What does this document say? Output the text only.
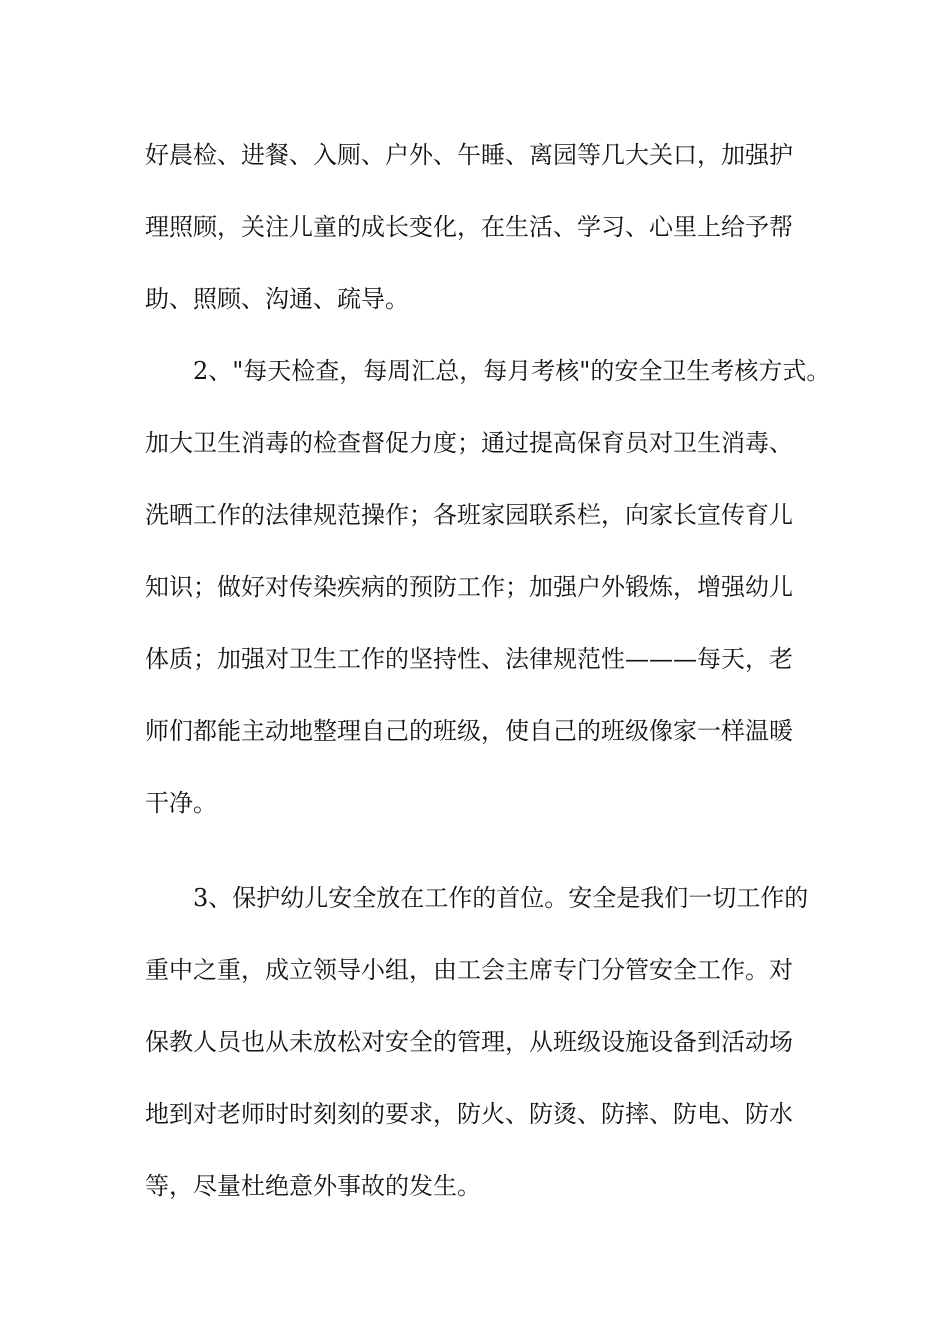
好晨检、进餐、入厕、户外、午睡、离园等几大关口，加强护
理照顾，关注儿童的成长变化，在生活、学习、心里上给予帮
助、照顾、沟通、疏导。
2、"每天检查，每周汇总，每月考核"的安全卫生考核方式。
加大卫生消毒的检查督促力度；通过提高保育员对卫生消毒、
洗晒工作的法律规范操作；各班家园联系栏，向家长宣传育儿
知识；做好对传染疾病的预防工作；加强户外锻炼，增强幼儿
体质；加强对卫生工作的坚持性、法律规范性———每天，老
师们都能主动地整理自己的班级，使自己的班级像家一样温暖
干净。
3、保护幼儿安全放在工作的首位。安全是我们一切工作的
重中之重，成立领导小组，由工会主席专门分管安全工作。对
保教人员也从未放松对安全的管理，从班级设施设备到活动场
地到对老师时时刻刻的要求，防火、防烫、防摔、防电、防水
等，尽量杜绝意外事故的发生。
